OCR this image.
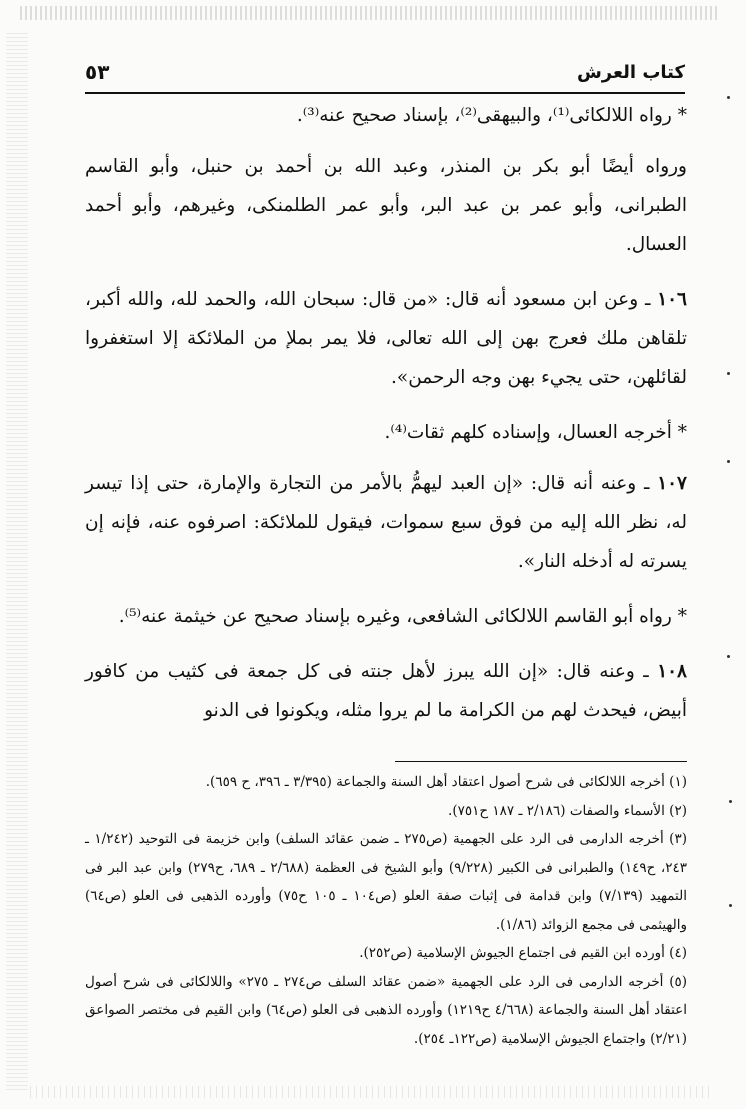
كتاب العرش
٥٣

* رواه اللالكائى⁽¹⁾، والبيهقى⁽²⁾، بإسناد صحيح عنه⁽³⁾.

ورواه أيضًا أبو بكر بن المنذر، وعبد الله بن أحمد بن حنبل، وأبو القاسم الطبرانى، وأبو عمر بن عبد البر، وأبو عمر الطلمنكى، وغيرهم، وأبو أحمد العسال.

١٠٦ ـ وعن ابن مسعود أنه قال: «من قال: سبحان الله، والحمد لله، والله أكبر، تلقاهن ملك فعرج بهن إلى الله تعالى، فلا يمر بملإ من الملائكة إلا استغفروا لقائلهن، حتى يجيء بهن وجه الرحمن».

* أخرجه العسال، وإسناده كلهم ثقات⁽⁴⁾.

١٠٧ ـ وعنه أنه قال: «إن العبد ليهمُّ بالأمر من التجارة والإمارة، حتى إذا تيسر له، نظر الله إليه من فوق سبع سموات، فيقول للملائكة: اصرفوه عنه، فإنه إن يسرته له أدخله النار».

* رواه أبو القاسم اللالكائى الشافعى، وغيره بإسناد صحيح عن خيثمة عنه⁽⁵⁾.

١٠٨ ـ وعنه قال: «إن الله يبرز لأهل جنته فى كل جمعة فى كثيب من كافور أبيض، فيحدث لهم من الكرامة ما لم يروا مثله، ويكونوا فى الدنو

(١) أخرجه اللالكائى فى شرح أصول اعتقاد أهل السنة والجماعة (٣/٣٩٥ ـ ٣٩٦، ح ٦٥٩).

(٢) الأسماء والصفات (٢/١٨٦ ـ ١٨٧ ح٧٥١).

(٣) أخرجه الدارمى فى الرد على الجهمية (ص٢٧٥ ـ ضمن عقائد السلف) وابن خزيمة فى التوحيد (١/٢٤٢ ـ ٢٤٣، ح١٤٩) والطبرانى فى الكبير (٩/٢٢٨) وأبو الشيخ فى العظمة (٢/٦٨٨ ـ ٦٨٩، ح٢٧٩) وابن عبد البر فى التمهيد (٧/١٣٩) وابن قدامة فى إثبات صفة العلو (ص١٠٤ ـ ١٠٥ ح٧٥) وأورده الذهبى فى العلو (ص٦٤) والهيثمى فى مجمع الزوائد (١/٨٦).

(٤) أورده ابن القيم فى اجتماع الجيوش الإسلامية (ص٢٥٢).

(٥) أخرجه الدارمى فى الرد على الجهمية «ضمن عقائد السلف ص٢٧٤ ـ ٢٧٥» واللالكائى فى شرح أصول اعتقاد أهل السنة والجماعة (٤/٦٦٨ ح١٢١٩) وأورده الذهبى فى العلو (ص٦٤) وابن القيم فى مختصر الصواعق (٢/٢١) واجتماع الجيوش الإسلامية (ص١٢٢ـ ٢٥٤).
